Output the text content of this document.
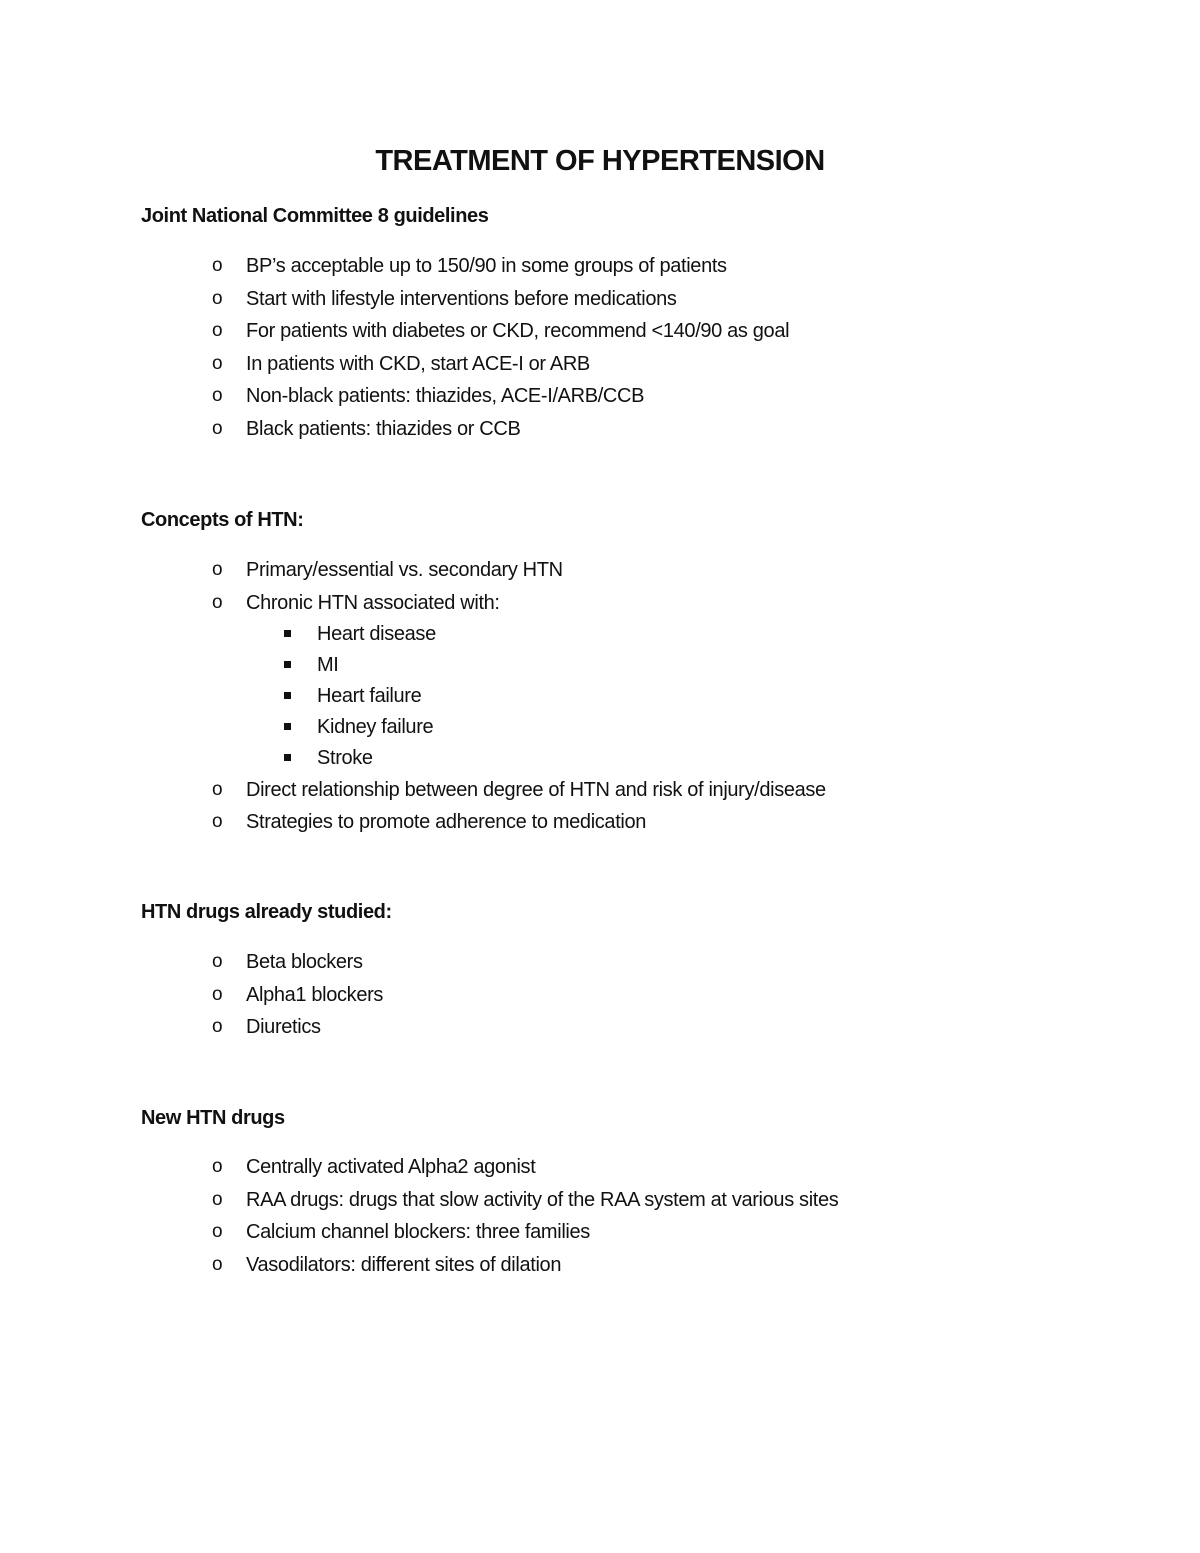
TREATMENT OF HYPERTENSION
Joint National Committee 8 guidelines
o BP’s acceptable up to 150/90 in some groups of patients
o Start with lifestyle interventions before medications
o For patients with diabetes or CKD, recommend <140/90 as goal
o In patients with CKD, start ACE-I or ARB
o Non-black patients: thiazides, ACE-I/ARB/CCB
o Black patients: thiazides or CCB
Concepts of HTN:
o Primary/essential vs. secondary HTN
o Chronic HTN associated with:
Heart disease
MI
Heart failure
Kidney failure
Stroke
o Direct relationship between degree of HTN and risk of injury/disease
o Strategies to promote adherence to medication
HTN drugs already studied:
o Beta blockers
o Alpha1 blockers
o Diuretics
New HTN drugs
o Centrally activated Alpha2 agonist
o RAA drugs: drugs that slow activity of the RAA system at various sites
o Calcium channel blockers: three families
o Vasodilators: different sites of dilation
